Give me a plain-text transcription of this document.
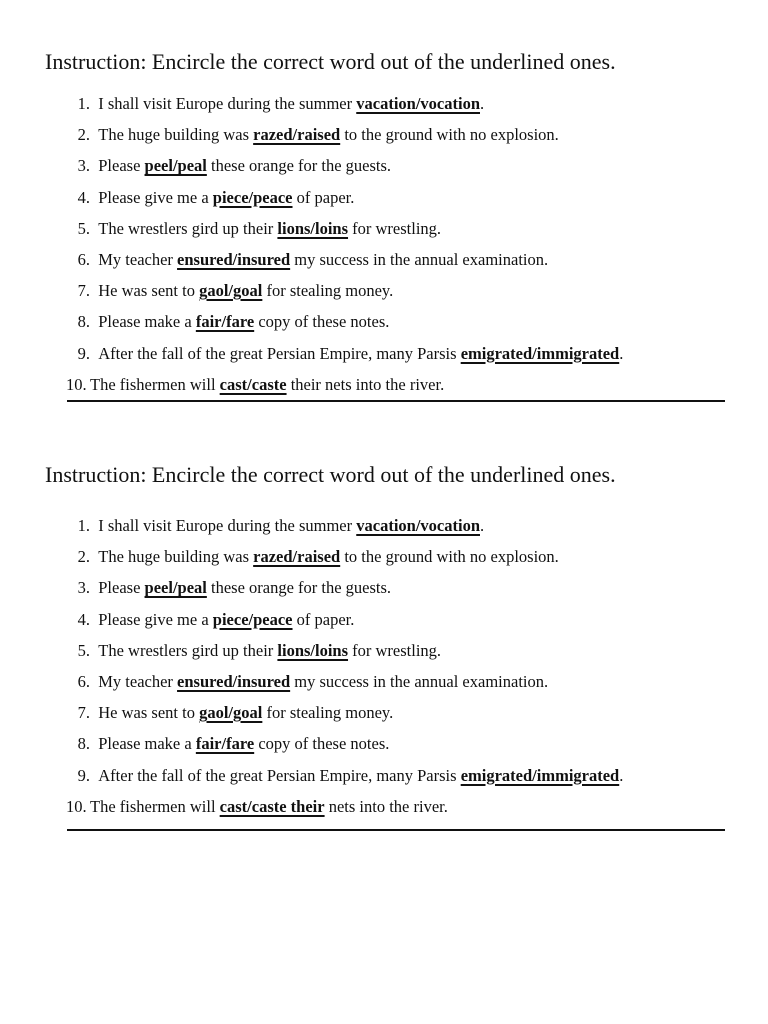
Instruction: Encircle the correct word out of the underlined ones.
1. I shall visit Europe during the summer vacation/vocation.
2. The huge building was razed/raised to the ground with no explosion.
3. Please peel/peal these orange for the guests.
4. Please give me a piece/peace of paper.
5. The wrestlers gird up their lions/loins for wrestling.
6. My teacher ensured/insured my success in the annual examination.
7. He was sent to gaol/goal for stealing money.
8. Please make a fair/fare copy of these notes.
9. After the fall of the great Persian Empire, many Parsis emigrated/immigrated.
10. The fishermen will cast/caste their nets into the river.
Instruction: Encircle the correct word out of the underlined ones.
1. I shall visit Europe during the summer vacation/vocation.
2. The huge building was razed/raised to the ground with no explosion.
3. Please peel/peal these orange for the guests.
4. Please give me a piece/peace of paper.
5. The wrestlers gird up their lions/loins for wrestling.
6. My teacher ensured/insured my success in the annual examination.
7. He was sent to gaol/goal for stealing money.
8. Please make a fair/fare copy of these notes.
9. After the fall of the great Persian Empire, many Parsis emigrated/immigrated.
10. The fishermen will cast/caste their nets into the river.
